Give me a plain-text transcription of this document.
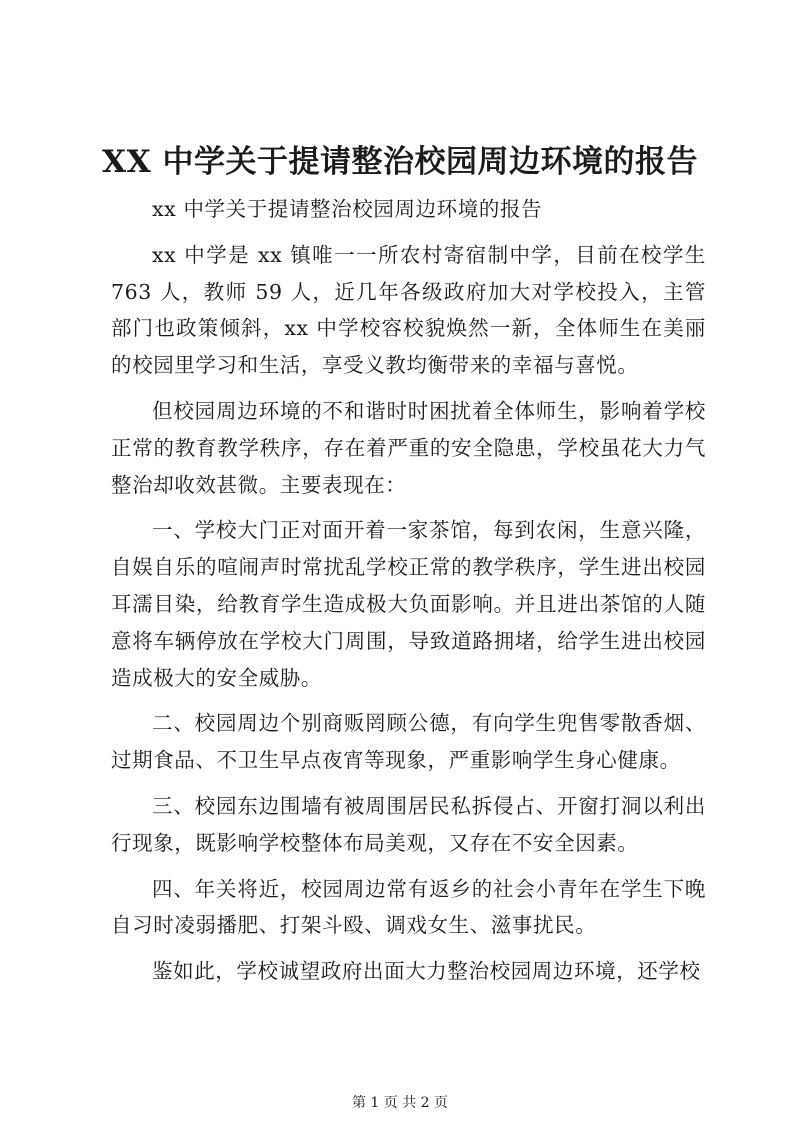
XX 中学关于提请整治校园周边环境的报告

xx 中学关于提请整治校园周边环境的报告

xx 中学是 xx 镇唯一一所农村寄宿制中学，目前在校学生 763 人，教师 59 人，近几年各级政府加大对学校投入，主管部门也政策倾斜，xx 中学校容校貌焕然一新，全体师生在美丽的校园里学习和生活，享受义教均衡带来的幸福与喜悦。

但校园周边环境的不和谐时时困扰着全体师生，影响着学校正常的教育教学秩序，存在着严重的安全隐患，学校虽花大力气整治却收效甚微。主要表现在：

一、学校大门正对面开着一家茶馆，每到农闲，生意兴隆，自娱自乐的喧闹声时常扰乱学校正常的教学秩序，学生进出校园耳濡目染，给教育学生造成极大负面影响。并且进出茶馆的人随意将车辆停放在学校大门周围，导致道路拥堵，给学生进出校园造成极大的安全威胁。

二、校园周边个别商贩罔顾公德，有向学生兜售零散香烟、过期食品、不卫生早点夜宵等现象，严重影响学生身心健康。

三、校园东边围墙有被周围居民私拆侵占、开窗打洞以利出行现象，既影响学校整体布局美观，又存在不安全因素。

四、年关将近，校园周边常有返乡的社会小青年在学生下晚自习时凌弱播肥、打架斗殴、调戏女生、滋事扰民。

鉴如此，学校诚望政府出面大力整治校园周边环境，还学校

第 1 页 共 2 页
